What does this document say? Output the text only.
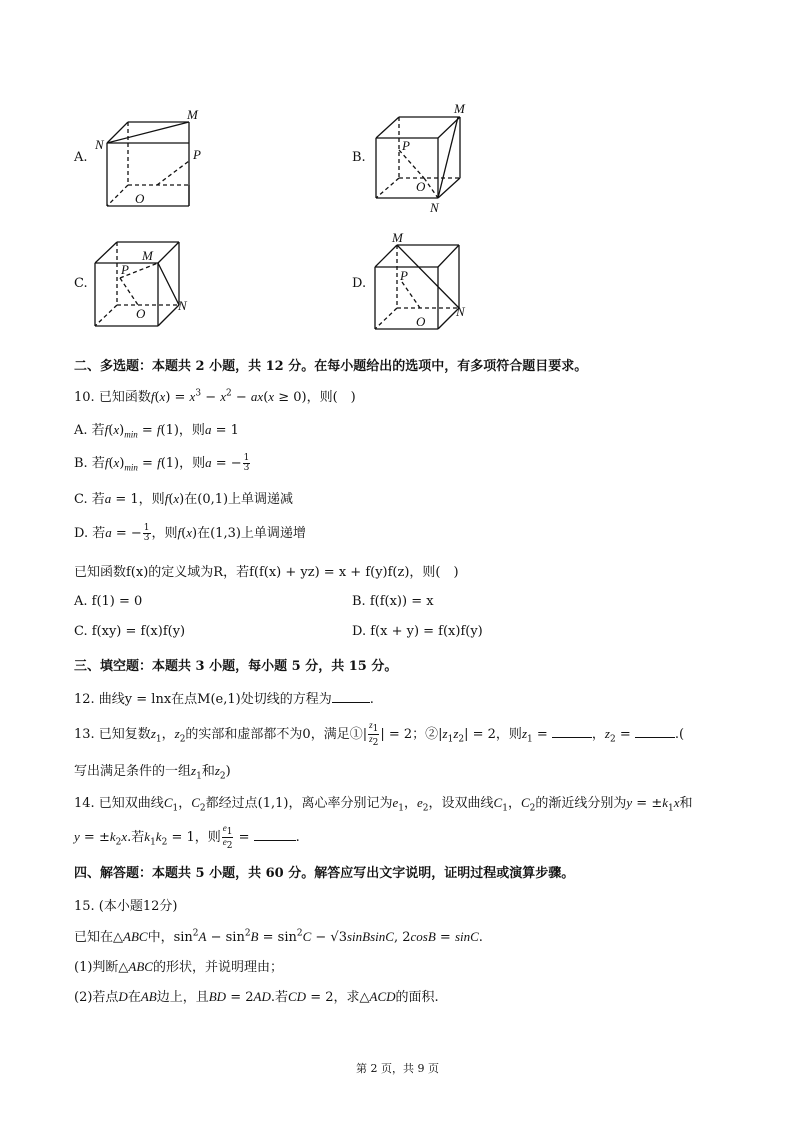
A.
M
N
P
O
B.
M
N
P
O
C.
M
N
P
O
D.
M
N
P
O
二、多选题：本题共 2 小题，共 12 分。在每小题给出的选项中，有多项符合题目要求。
10. 已知函数$f(x) = x^3 - x^2 - ax(x \ge 0)$，则(　)
A. 若$f(x)_{min} = f(1)$，则a = 1
B. 若$f(x)_{min} = f(1)$，则a = − $\frac{1}{3}$
C. 若a = 1，则f(x)在(0,1)上单调递减
D. 若a = − $\frac{1}{3}$ ，则f(x)在(1,3)上单调递增
已知函数f(x)的定义域为R，若f(f(x) + yz) = x + f(y)f(z)，则(　)
A. f(1) = 0	B. f(f(x)) = x
C. f(xy) = f(x)f(y)	D. f(x + y) = f(x)f(y)
三、填空题：本题共 3 小题，每小题 5 分，共 15 分。
12. 曲线y = lnx在点M(e,1)处切线的方程为	.
13. 已知复数$z_1$，$z_2$的实部和虚部都不为0，满足①| $\frac{z_1}{z_2}$ | = 2；$②|z_1z_2| = 2$，则$z_1$ =	，$z_2$ =	.(
写出满足条件的一组$z_1$和$z_2$)
14. 已知双曲线$C_1$，$C_2$都经过点(1,1)，离心率分别记为$e_1$，$e_2$，设双曲线$C_1$，$C_2$的渐近线分别为$y = \pm k_1x$和
$y = \pm k_2x$.若$k_1k_2 = 1$，则 $\frac{e_1}{e_2}$ =	.
四、解答题：本题共 5 小题，共 60 分。解答应写出文字说明，证明过程或演算步骤。
15. (本小题12分)
已知在△ABC中，$\sin^2A - \sin^2B = \sin^2C$ − √3sinBsinC, 2cosB = sinC.
(1)判断△ABC的形状，并说明理由；
(2)若点D在AB边上，且BD = 2AD.若CD = 2，求△ACD的面积.
第 2 页，共 9 页
